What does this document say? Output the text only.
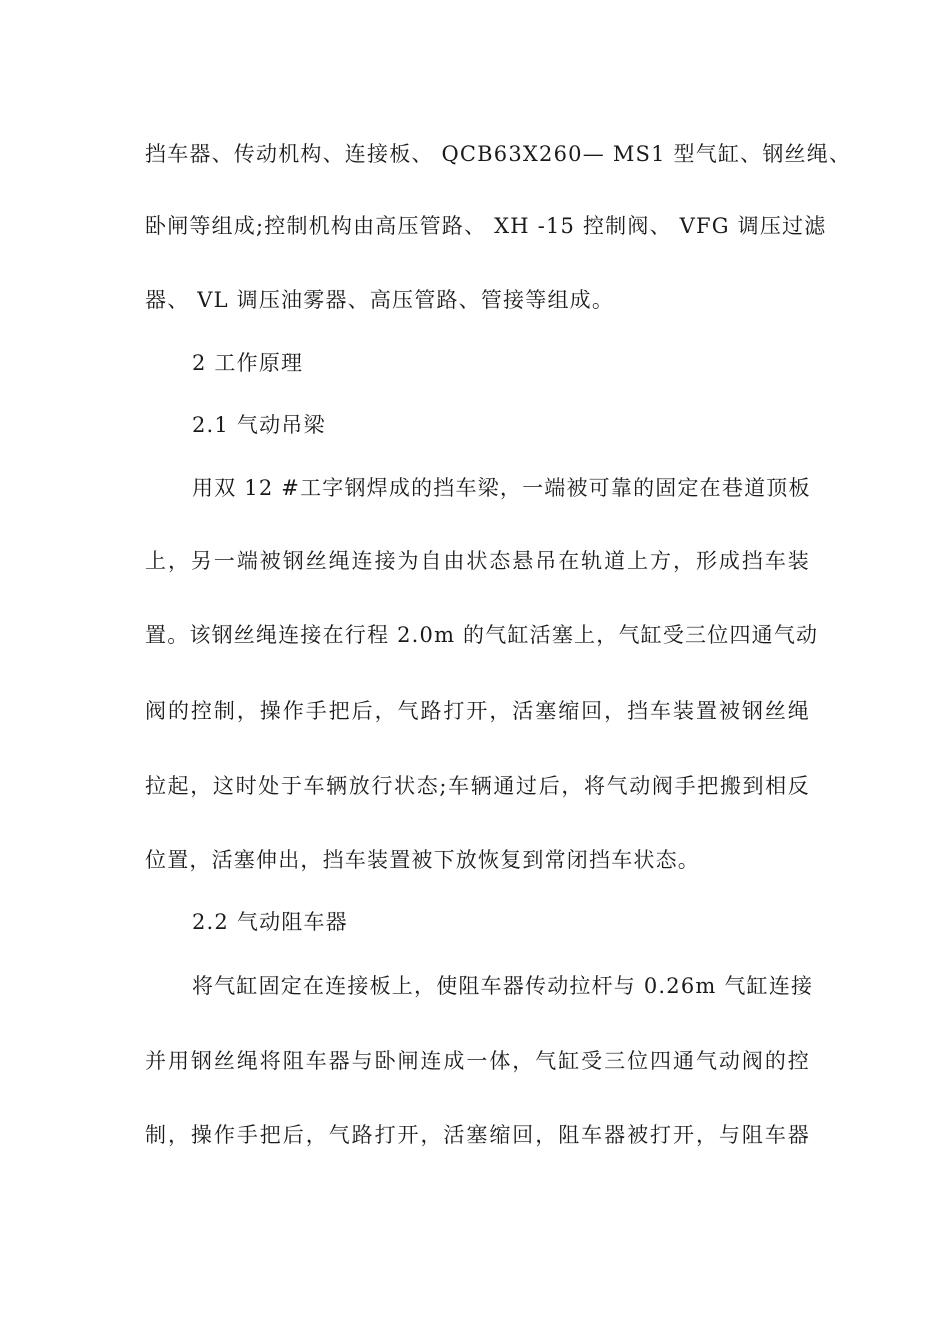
挡车器、传动机构、连接板、 QCB63X260— MS1 型气缸、钢丝绳、
卧闸等组成;控制机构由高压管路、 XH -15 控制阀、 VFG 调压过滤
器、 VL 调压油雾器、高压管路、管接等组成。
2 工作原理
2.1 气动吊梁
用双 12 #工字钢焊成的挡车梁，一端被可靠的固定在巷道顶板
上，另一端被钢丝绳连接为自由状态悬吊在轨道上方，形成挡车装
置。该钢丝绳连接在行程 2.0m 的气缸活塞上，气缸受三位四通气动
阀的控制，操作手把后，气路打开，活塞缩回，挡车装置被钢丝绳
拉起，这时处于车辆放行状态;车辆通过后，将气动阀手把搬到相反
位置，活塞伸出，挡车装置被下放恢复到常闭挡车状态。
2.2 气动阻车器
将气缸固定在连接板上，使阻车器传动拉杆与 0.26m 气缸连接
并用钢丝绳将阻车器与卧闸连成一体，气缸受三位四通气动阀的控
制，操作手把后，气路打开，活塞缩回，阻车器被打开，与阻车器
